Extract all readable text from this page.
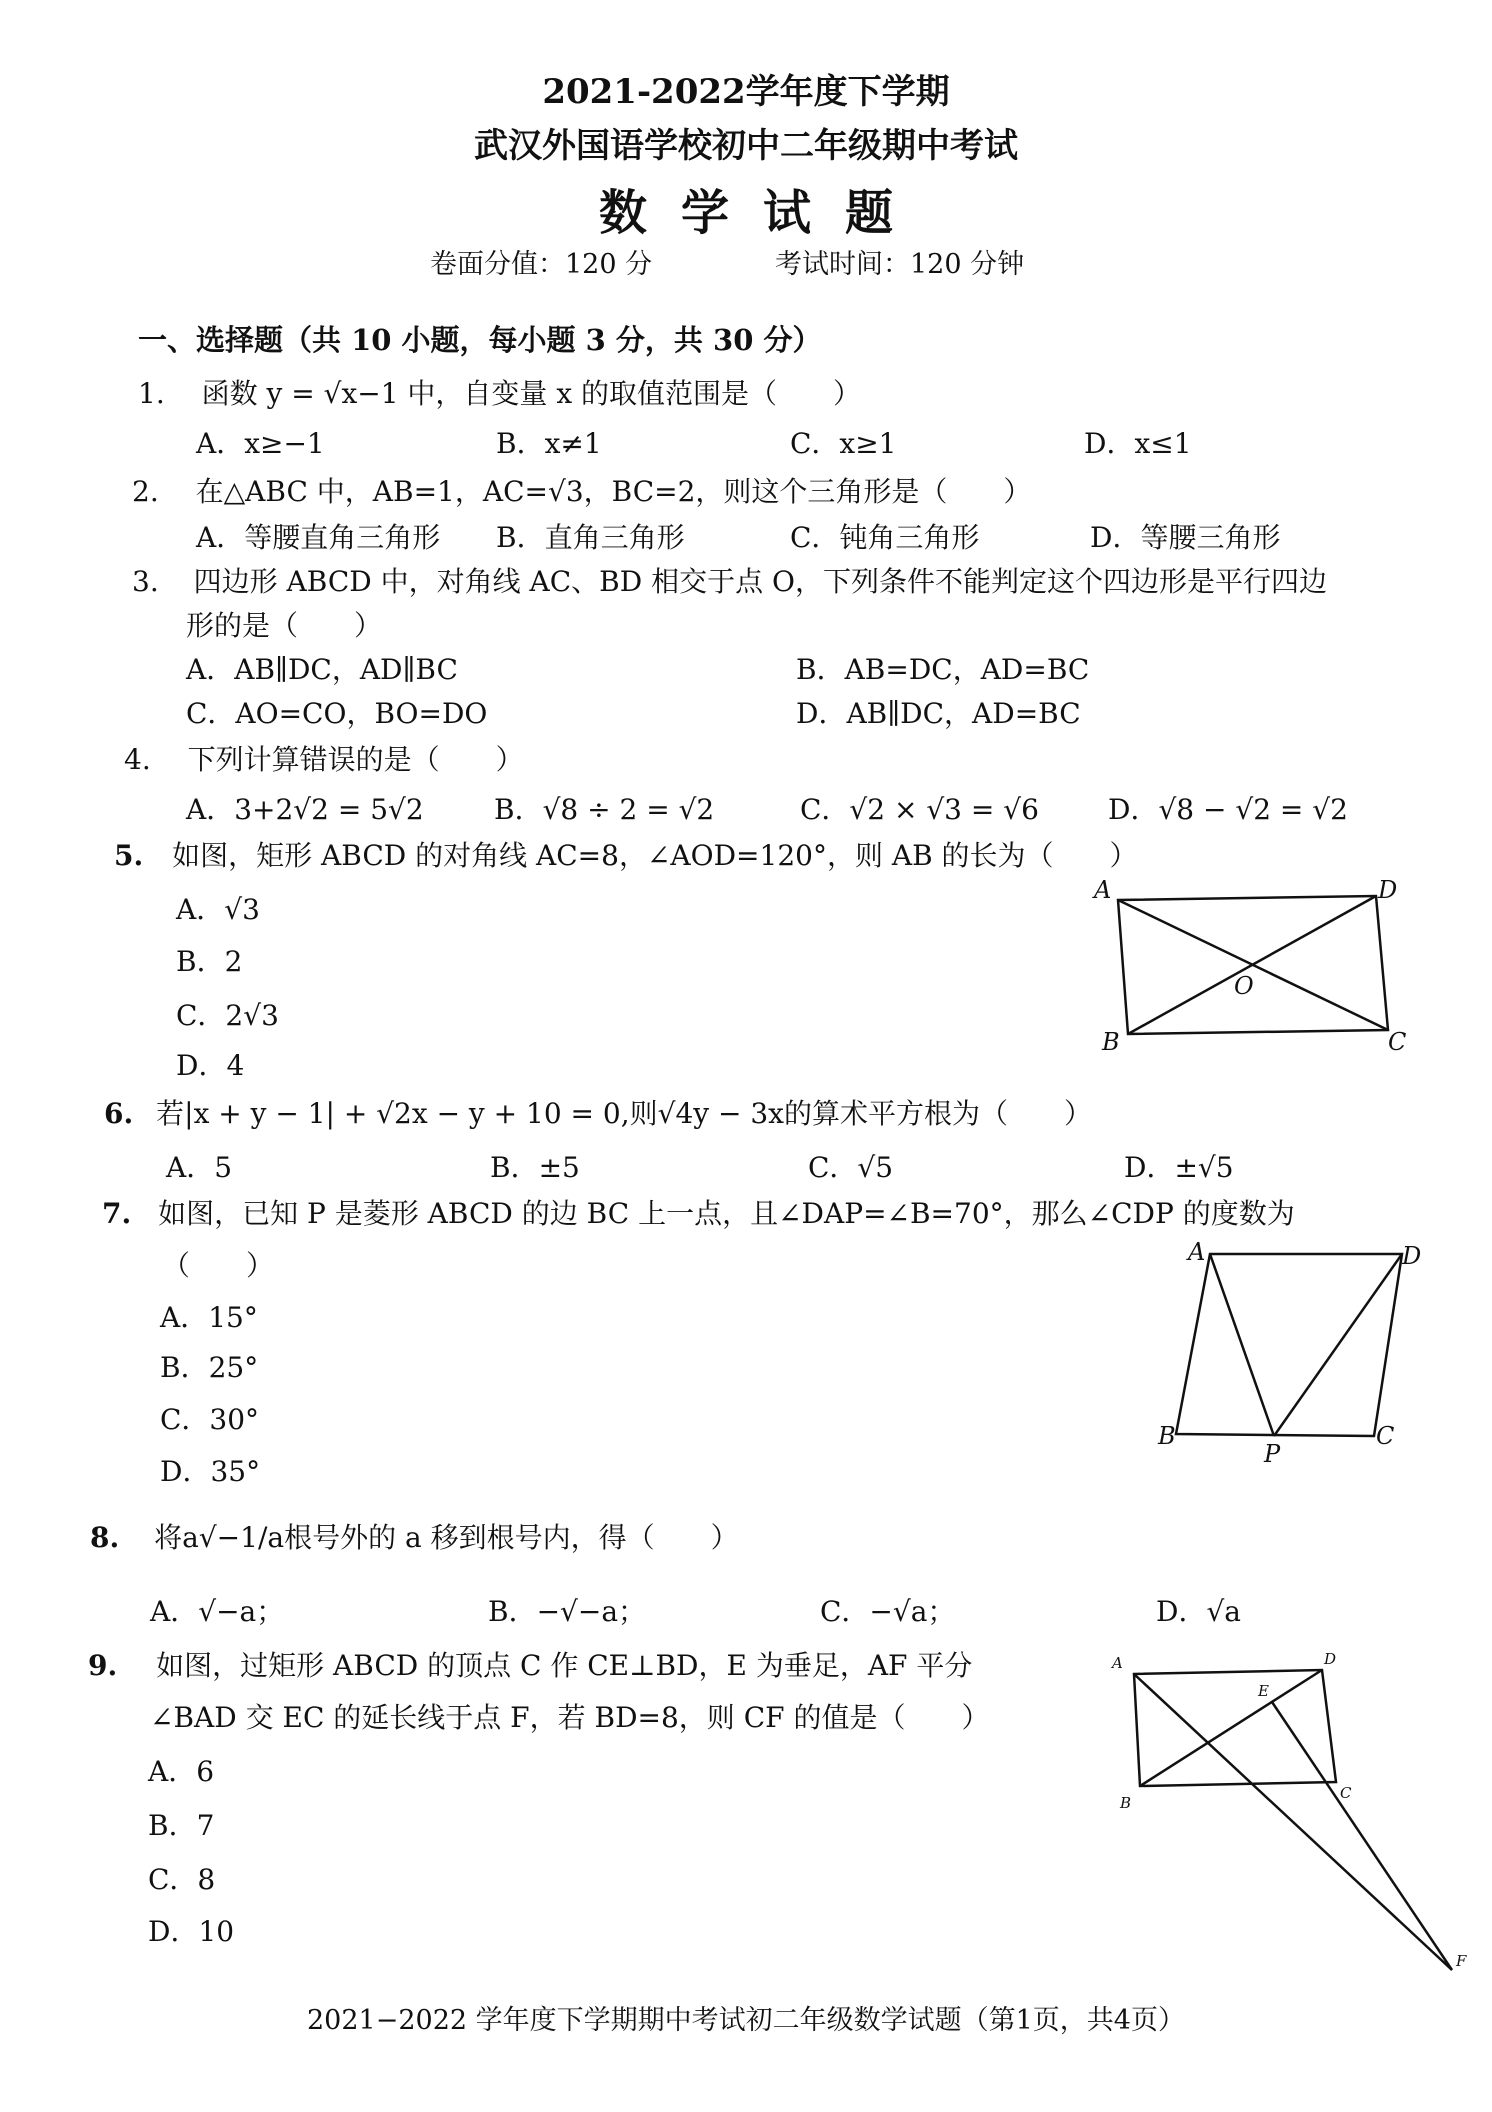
2021-2022学年度下学期
武汉外国语学校初中二年级期中考试
数学试题
卷面分值：120 分	考试时间：120 分钟
一、选择题（共 10 小题，每小题 3 分，共 30 分）
1. 函数 y = √x−1 中，自变量 x 的取值范围是（　　）
A．x≥−1	B．x≠1	C．x≥1	D．x≤1
2. 在△ABC 中，AB=1，AC=√3，BC=2，则这个三角形是（　　）
A．等腰直角三角形 B．直角三角形	C．钝角三角形	D．等腰三角形
3. 四边形 ABCD 中，对角线 AC、BD 相交于点 O，下列条件不能判定这个四边形是平行四边
形的是（　　）
A．AB∥DC，AD∥BC	B．AB=DC，AD=BC
C．AO=CO，BO=DO	D．AB∥DC，AD=BC
4. 下列计算错误的是（　　）
A．3+2√2 = 5√2	B．√8 ÷ 2 = √2	C．√2 × √3 = √6 D．√8 − √2 = √2
5. 如图，矩形 ABCD 的对角线 AC=8，∠AOD=120°，则 AB 的长为（　　）
A．√3
B．2
C．2√3
D．4
A	D
O
B	C
6. 若|x + y − 1| + √2x − y + 10 = 0,则√4y − 3x的算术平方根为（　　）
A．5	B．±5	C．√5	D．±√5
7. 如图，已知 P 是菱形 ABCD 的边 BC 上一点，且∠DAP=∠B=70°，那么∠CDP 的度数为
（　　）
A．15°
B．25°
C．30°
D．35°
A	D
B
P
C
8. 将a√−1/a根号外的 a 移到根号内，得（　　）
A．√−a；	B．−√−a；	C．−√a；	D．√a
9. 如图，过矩形 ABCD 的顶点 C 作 CE⊥BD，E 为垂足，AF 平分
∠BAD 交 EC 的延长线于点 F，若 BD=8，则 CF 的值是（　　）
A．6
B．7
C．8
D．10
A	D
E
B
C
F
2021−2022 学年度下学期期中考试初二年级数学试题（第1页，共4页）
